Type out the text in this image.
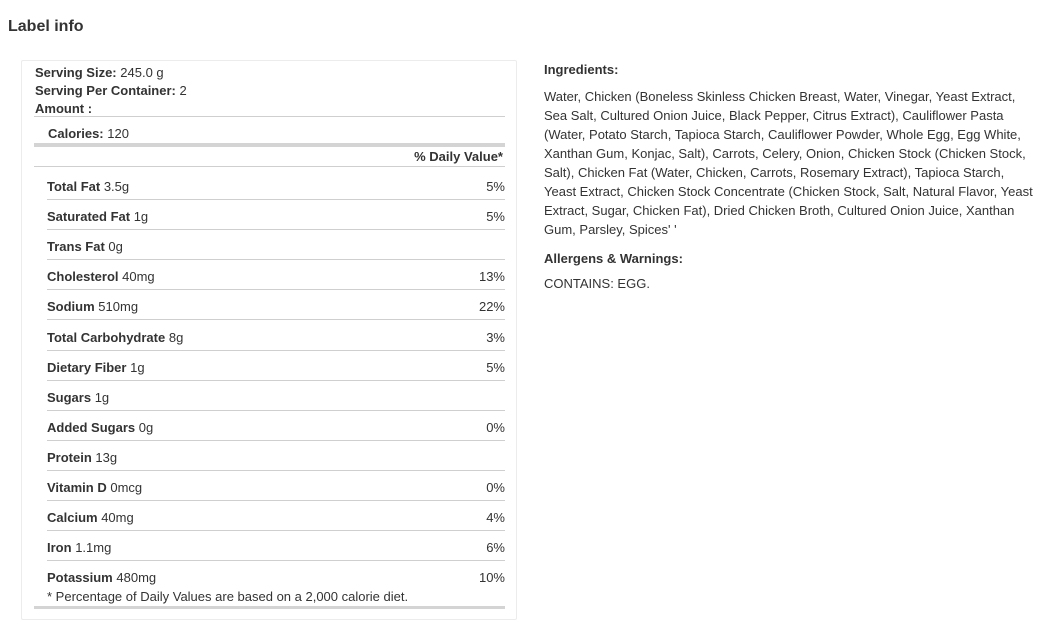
Label info
Serving Size: 245.0 g
Serving Per Container: 2
Amount :
Calories: 120
% Daily Value*
Total Fat 3.5g	5%
Saturated Fat 1g	5%
Trans Fat 0g
Cholesterol 40mg	13%
Sodium 510mg	22%
Total Carbohydrate 8g	3%
Dietary Fiber 1g	5%
Sugars 1g
Added Sugars 0g	0%
Protein 13g
Vitamin D 0mcg	0%
Calcium 40mg	4%
Iron 1.1mg	6%
Potassium 480mg	10%
* Percentage of Daily Values are based on a 2,000 calorie diet.
Ingredients:
Water, Chicken (Boneless Skinless Chicken Breast, Water, Vinegar, Yeast Extract, Sea Salt, Cultured Onion Juice, Black Pepper, Citrus Extract), Cauliflower Pasta (Water, Potato Starch, Tapioca Starch, Cauliflower Powder, Whole Egg, Egg White, Xanthan Gum, Konjac, Salt), Carrots, Celery, Onion, Chicken Stock (Chicken Stock, Salt), Chicken Fat (Water, Chicken, Carrots, Rosemary Extract), Tapioca Starch, Yeast Extract, Chicken Stock Concentrate (Chicken Stock, Salt, Natural Flavor, Yeast Extract, Sugar, Chicken Fat), Dried Chicken Broth, Cultured Onion Juice, Xanthan Gum, Parsley, Spices' '
Allergens & Warnings:
CONTAINS: EGG.
